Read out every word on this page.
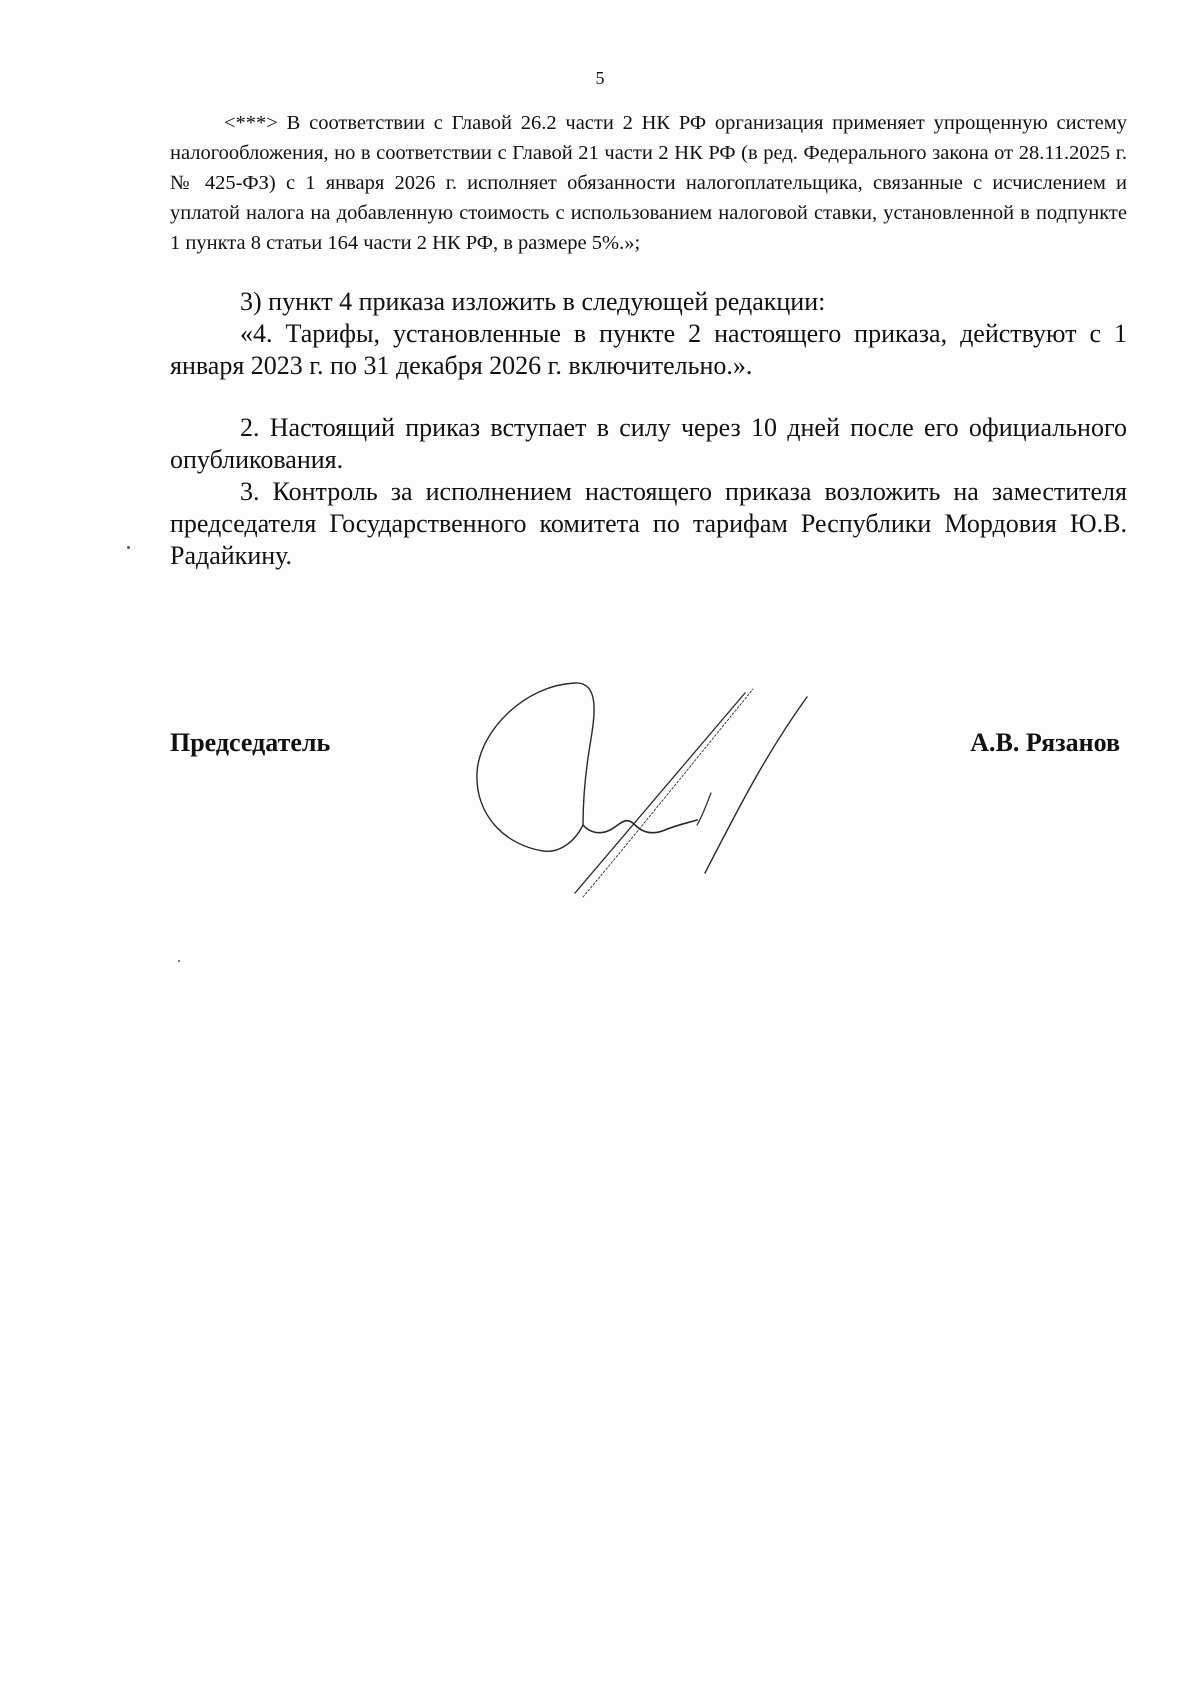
5

<***> В соответствии с Главой 26.2 части 2 НК РФ организация применяет упрощенную систему налогообложения, но в соответствии с Главой 21 части 2 НК РФ (в ред. Федерального закона от 28.11.2025 г. № 425-ФЗ) с 1 января 2026 г. исполняет обязанности налогоплательщика, связанные с исчислением и уплатой налога на добавленную стоимость с использованием налоговой ставки, установленной в подпункте 1 пункта 8 статьи 164 части 2 НК РФ, в размере 5%.»;

3) пункт 4 приказа изложить в следующей редакции:

«4. Тарифы, установленные в пункте 2 настоящего приказа, действуют с 1 января 2023 г. по 31 декабря 2026 г. включительно.».

2. Настоящий приказ вступает в силу через 10 дней после его официального опубликования.

3. Контроль за исполнением настоящего приказа возложить на заместителя председателя Государственного комитета по тарифам Республики Мордовия Ю.В. Радайкину.

Председатель	А.В. Рязанов
